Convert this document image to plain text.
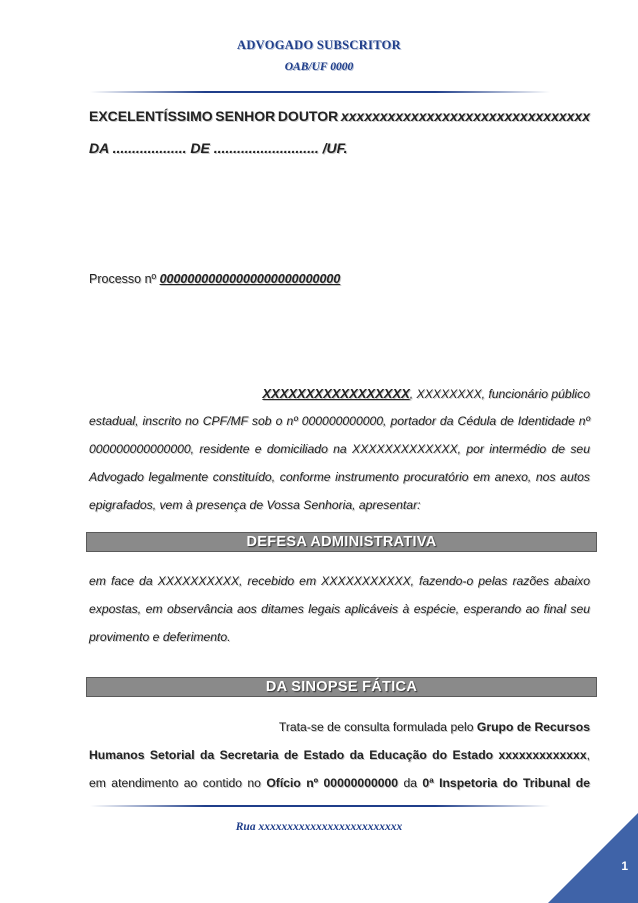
ADVOGADO SUBSCRITOR
OAB/UF 0000
EXCELENTÍSSIMO SENHOR DOUTOR xxxxxxxxxxxxxxxxxxxxxxxxxxxxxxxx
DA ................... DE ........................... /UF.
Processo nº 00000000000000000000000000
XXXXXXXXXXXXXXXXX, XXXXXXXX, funcionário público
estadual, inscrito no CPF/MF sob o nº 000000000000, portador da Cédula de Identidade nº
000000000000000, residente e domiciliado na XXXXXXXXXXXXX, por intermédio de seu
Advogado legalmente constituído, conforme instrumento procuratório em anexo, nos autos
epigrafados, vem à presença de Vossa Senhoria, apresentar:
DEFESA ADMINISTRATIVA
em face da XXXXXXXXXX, recebido em XXXXXXXXXXX, fazendo-o pelas razões abaixo
expostas, em observância aos ditames legais aplicáveis à espécie, esperando ao final seu
provimento e deferimento.
DA SINOPSE FÁTICA
Trata-se de consulta formulada pelo Grupo de Recursos
Humanos Setorial da Secretaria de Estado da Educação do Estado xxxxxxxxxxxxx,
em atendimento ao contido no Ofício nº 00000000000 da 0ª Inspetoria do Tribunal de
Rua xxxxxxxxxxxxxxxxxxxxxxxxx
1
